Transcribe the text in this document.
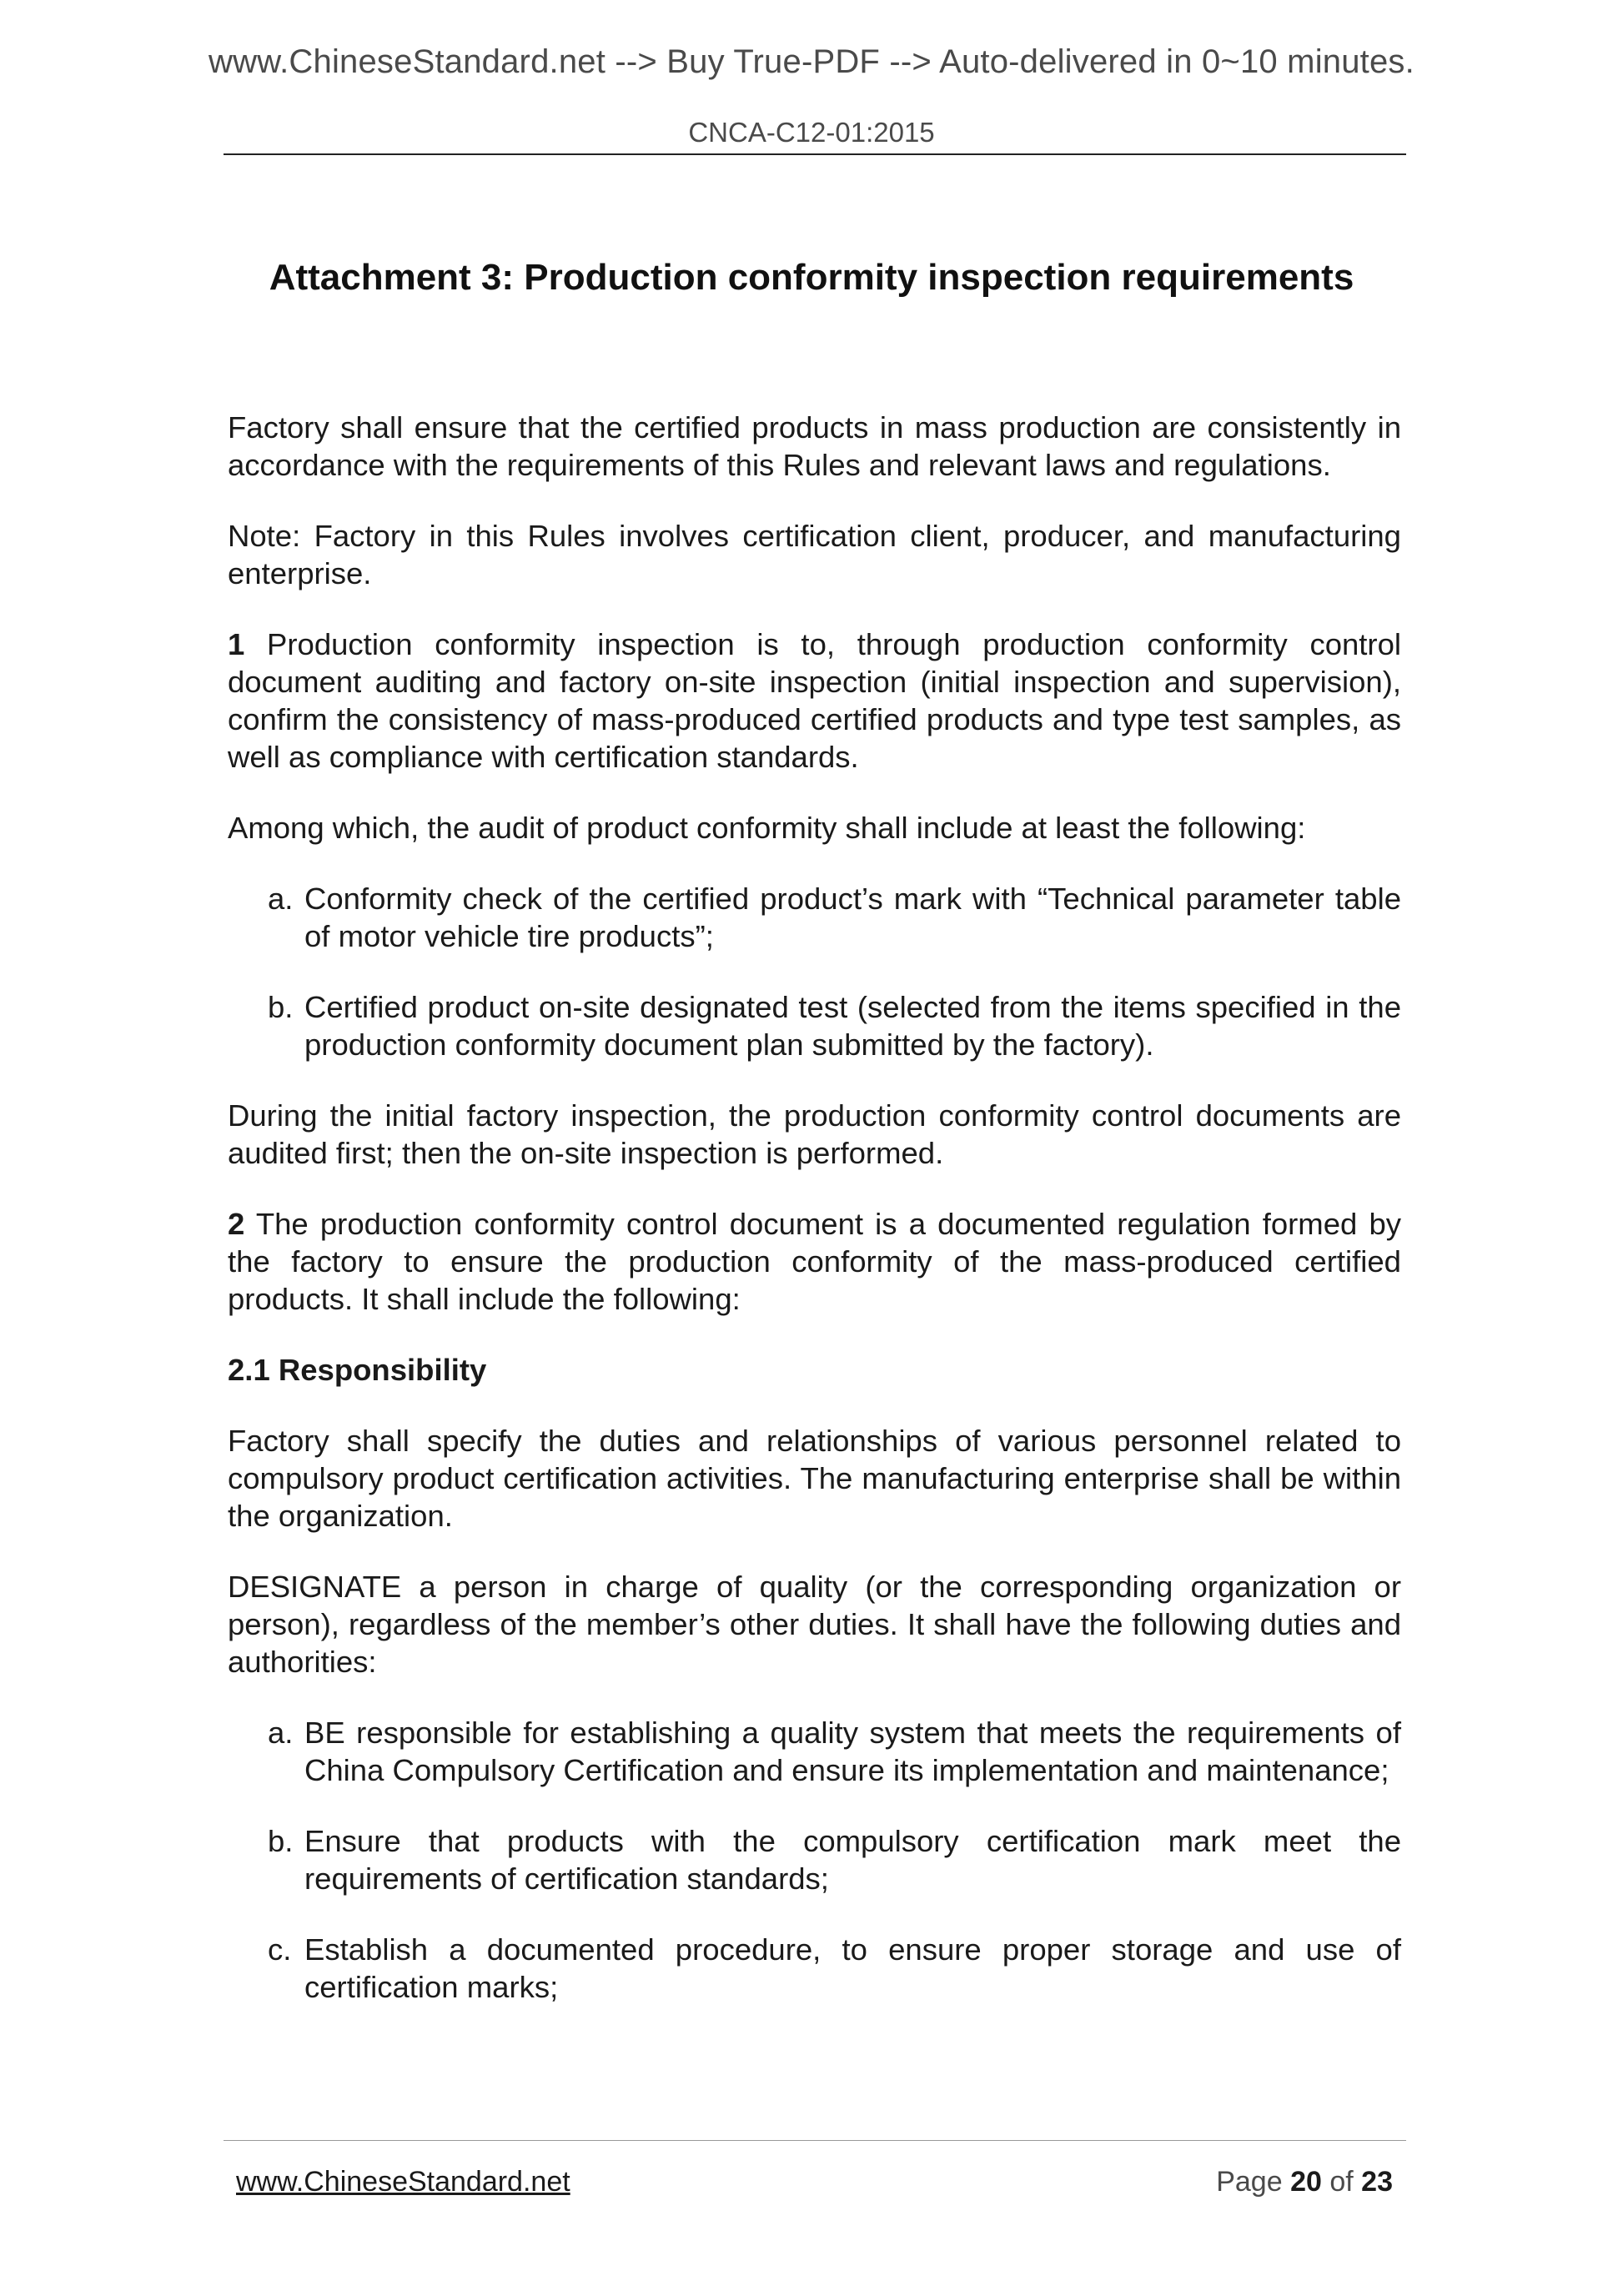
www.ChineseStandard.net --> Buy True-PDF --> Auto-delivered in 0~10 minutes.
CNCA-C12-01:2015
Attachment 3: Production conformity inspection requirements

Factory shall ensure that the certified products in mass production are consistently in accordance with the requirements of this Rules and relevant laws and regulations.

Note: Factory in this Rules involves certification client, producer, and manufacturing enterprise.

1 Production conformity inspection is to, through production conformity control document auditing and factory on-site inspection (initial inspection and supervision), confirm the consistency of mass-produced certified products and type test samples, as well as compliance with certification standards.

Among which, the audit of product conformity shall include at least the following:

a. Conformity check of the certified product’s mark with “Technical parameter table of motor vehicle tire products”;
b. Certified product on-site designated test (selected from the items specified in the production conformity document plan submitted by the factory).

During the initial factory inspection, the production conformity control documents are audited first; then the on-site inspection is performed.

2 The production conformity control document is a documented regulation formed by the factory to ensure the production conformity of the mass-produced certified products. It shall include the following:

2.1 Responsibility

Factory shall specify the duties and relationships of various personnel related to compulsory product certification activities. The manufacturing enterprise shall be within the organization.

DESIGNATE a person in charge of quality (or the corresponding organization or person), regardless of the member’s other duties. It shall have the following duties and authorities:

a. BE responsible for establishing a quality system that meets the requirements of China Compulsory Certification and ensure its implementation and maintenance;
b. Ensure that products with the compulsory certification mark meet the requirements of certification standards;
c. Establish a documented procedure, to ensure proper storage and use of certification marks;
www.ChineseStandard.net	Page 20 of 23
